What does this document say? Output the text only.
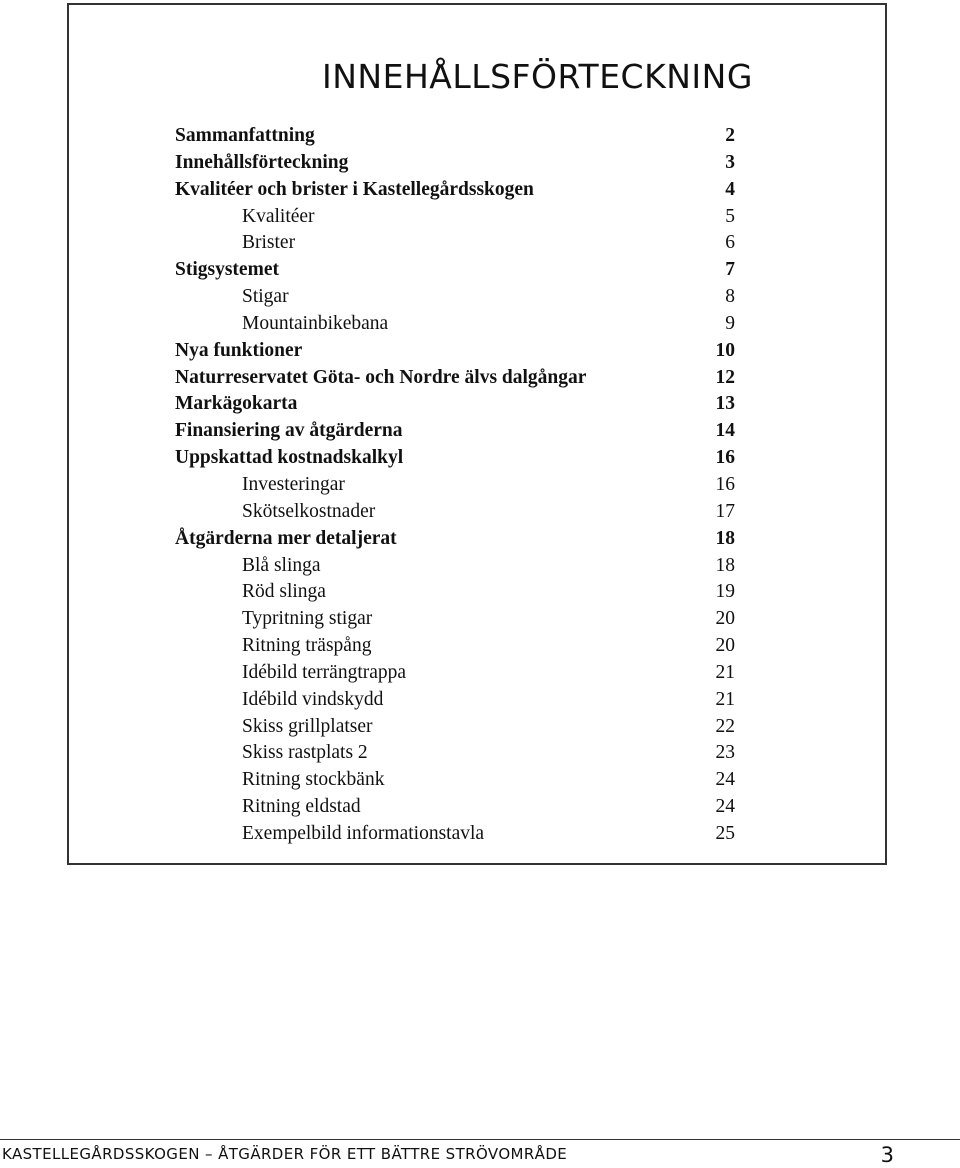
INNEHÅLLSFÖRTECKNING
Sammanfattning	2
Innehållsförteckning	3
Kvalitéer och brister i Kastellegårdsskogen	4
Kvalitéer	5
Brister	6
Stigsystemet	7
Stigar	8
Mountainbikebana	9
Nya funktioner	10
Naturreservatet Göta- och Nordre älvs dalgångar	12
Markägokarta	13
Finansiering av åtgärderna	14
Uppskattad kostnadskalkyl	16
Investeringar	16
Skötselkostnader	17
Åtgärderna mer detaljerat	18
Blå slinga	18
Röd slinga	19
Typritning stigar	20
Ritning träspång	20
Idébild terrängtrappa	21
Idébild vindskydd	21
Skiss grillplatser	22
Skiss rastplats 2	23
Ritning stockbänk	24
Ritning eldstad	24
Exempelbild informationstavla	25
KASTELLEGÅRDSSKOGEN – ÅTGÄRDER FÖR ETT BÄTTRE STRÖVOMRÅDE	3
